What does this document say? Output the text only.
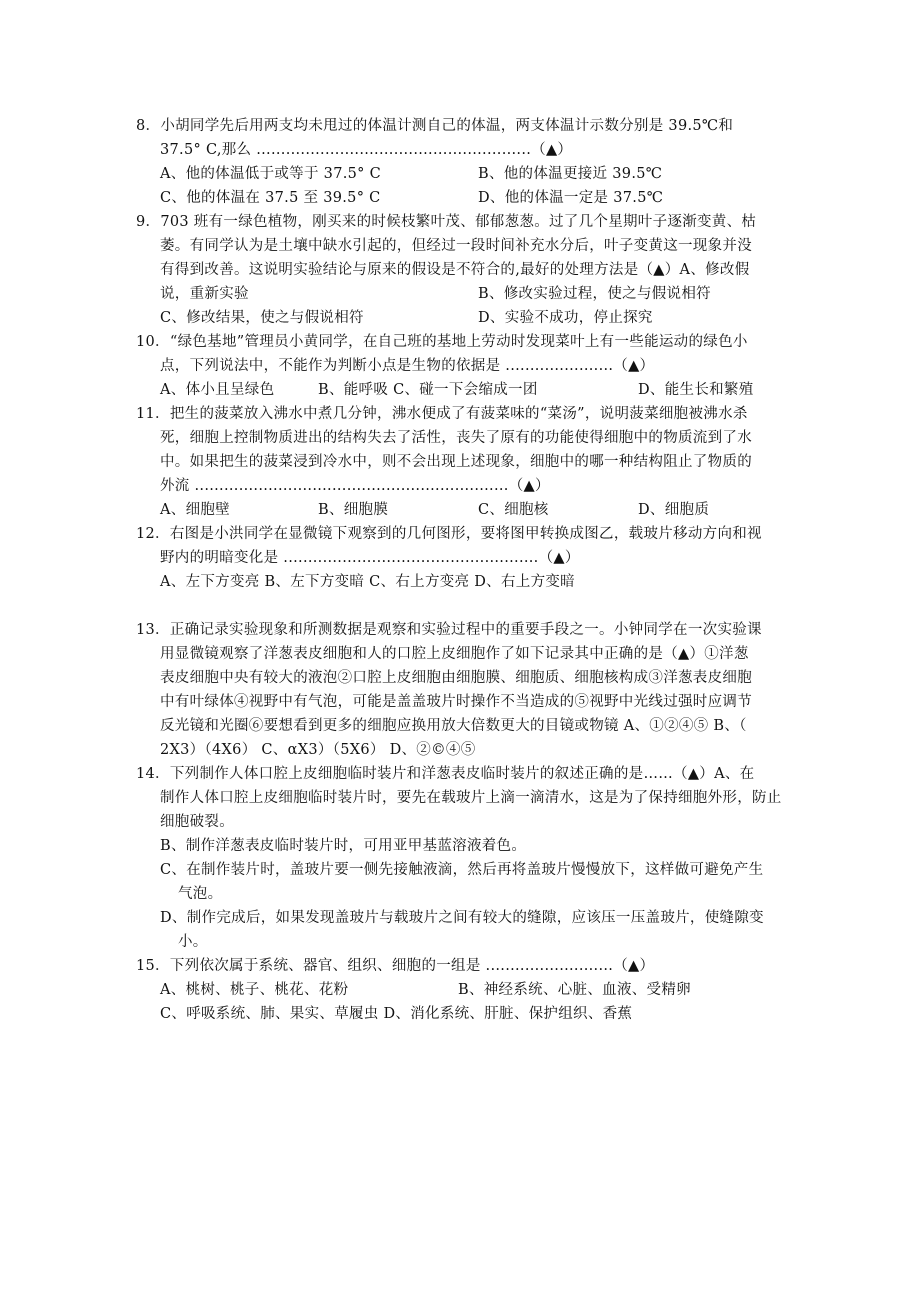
8．小胡同学先后用两支均未甩过的体温计测自己的体温，两支体温计示数分别是 39.5℃和
37.5° C,那么 ........................................................（▲）
A、他的体温低于或等于 37.5° C	B、他的体温更接近 39.5℃
C、他的体温在 37.5 至 39.5° C	D、他的体温一定是 37.5℃
9．703 班有一绿色植物，刚买来的时候枝繁叶茂、郁郁葱葱。过了几个星期叶子逐渐变黄、枯
萎。有同学认为是土壤中缺水引起的，但经过一段时间补充水分后，叶子变黄这一现象并没
有得到改善。这说明实验结论与原来的假设是不符合的,最好的处理方法是（▲）A、修改假
说，重新实验	B、修改实验过程，使之与假说相符
C、修改结果，使之与假说相符	D、实验不成功，停止探究
10．“绿色基地”管理员小黄同学，在自己班的基地上劳动时发现菜叶上有一些能运动的绿色小
点，下列说法中，不能作为判断小点是生物的依据是 ......................（▲）
A、体小且呈绿色	B、能呼吸 C、碰一下会缩成一团	D、能生长和繁殖
11．把生的菠菜放入沸水中煮几分钟，沸水便成了有菠菜味的“菜汤”，说明菠菜细胞被沸水杀
死，细胞上控制物质进出的结构失去了活性，丧失了原有的功能使得细胞中的物质流到了水
中。如果把生的菠菜浸到冷水中，则不会出现上述现象，细胞中的哪一种结构阻止了物质的
外流 ................................................................（▲）
A、细胞壁	B、细胞膜	C、细胞核	D、细胞质
12．右图是小洪同学在显微镜下观察到的几何图形，要将图甲转换成图乙，载玻片移动方向和视
野内的明暗变化是 ....................................................（▲）
A、左下方变亮 B、左下方变暗 C、右上方变亮 D、右上方变暗
13．正确记录实验现象和所测数据是观察和实验过程中的重要手段之一。小钟同学在一次实验课
用显微镜观察了洋葱表皮细胞和人的口腔上皮细胞作了如下记录其中正确的是（▲）①洋葱
表皮细胞中央有较大的液泡②口腔上皮细胞由细胞膜、细胞质、细胞核构成③洋葱表皮细胞
中有叶绿体④视野中有气泡，可能是盖盖玻片时操作不当造成的⑤视野中光线过强时应调节
反光镜和光圈⑥要想看到更多的细胞应换用放大倍数更大的目镜或物镜 A、①②④⑤ B、（
2X3）（4X6） C、αX3）（5X6） D、②©④⑤
14．下列制作人体口腔上皮细胞临时装片和洋葱表皮临时装片的叙述正确的是……（▲）A、在
制作人体口腔上皮细胞临时装片时，要先在载玻片上滴一滴清水，这是为了保持细胞外形，防止
细胞破裂。
B、制作洋葱表皮临时装片时，可用亚甲基蓝溶液着色。
C、在制作装片时，盖玻片要一侧先接触液滴，然后再将盖玻片慢慢放下，这样做可避免产生
气泡。
D、制作完成后，如果发现盖玻片与载玻片之间有较大的缝隙，应该压一压盖玻片，使缝隙变
小。
15．下列依次属于系统、器官、组织、细胞的一组是 ..........................（▲）
A、桃树、桃子、桃花、花粉	B、神经系统、心脏、血液、受精卵
C、呼吸系统、肺、果实、草履虫 D、消化系统、肝脏、保护组织、香蕉
